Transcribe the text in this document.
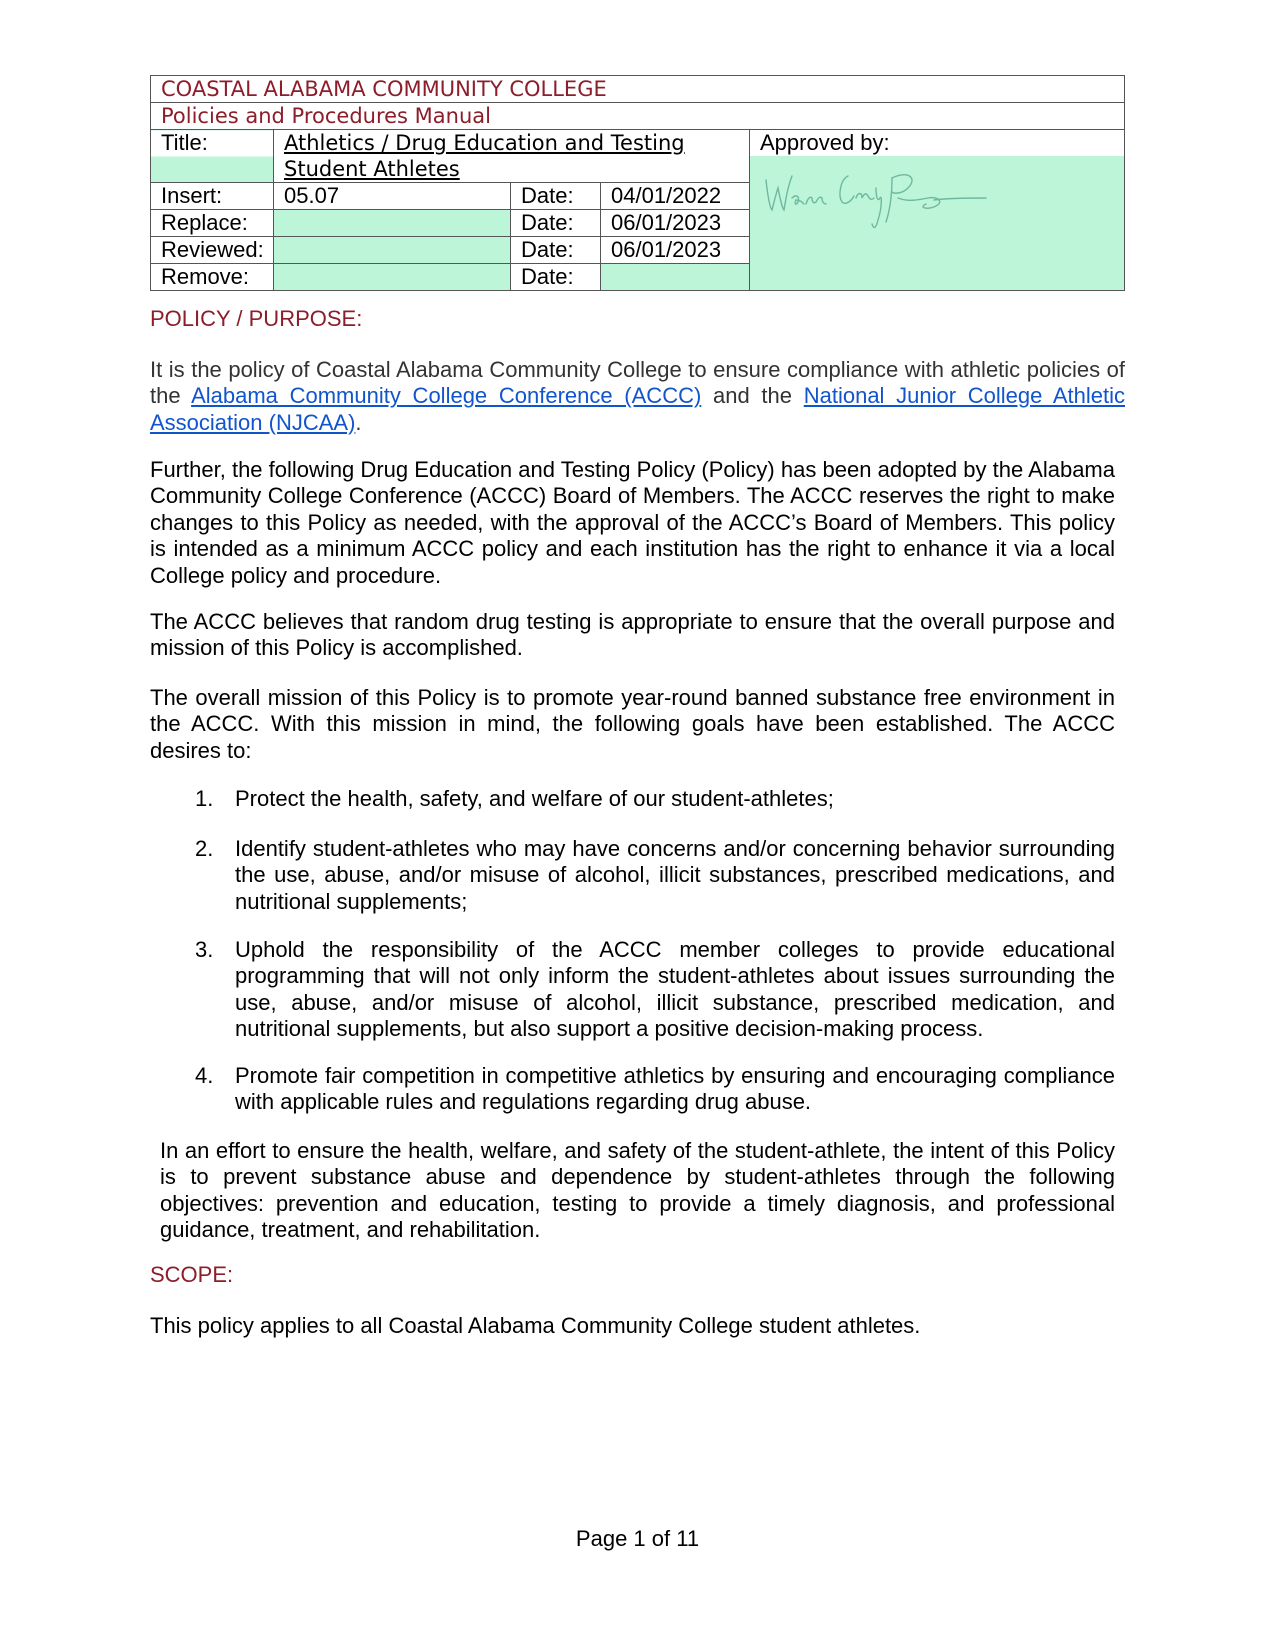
COASTAL ALABAMA COMMUNITY COLLEGE				
Policies and Procedures Manual				
Title:	Athletics / Drug Education and Testing Student Athletes			Approved by:

Insert:	05.07	Date:	04/01/2022	
Replace:		Date:	06/01/2023	
Reviewed:		Date:	06/01/2023	
Remove:		Date:		
POLICY / PURPOSE:

It is the policy of Coastal Alabama Community College to ensure compliance with athletic policies of the Alabama Community College Conference (ACCC) and the National Junior College Athletic Association (NJCAA).

Further, the following Drug Education and Testing Policy (Policy) has been adopted by the Alabama Community College Conference (ACCC) Board of Members. The ACCC reserves the right to make changes to this Policy as needed, with the approval of the ACCC’s Board of Members. This policy is intended as a minimum ACCC policy and each institution has the right to enhance it via a local College policy and procedure.

The ACCC believes that random drug testing is appropriate to ensure that the overall purpose and mission of this Policy is accomplished.

The overall mission of this Policy is to promote year-round banned substance free environment in the ACCC. With this mission in mind, the following goals have been established. The ACCC desires to:

1. Protect the health, safety, and welfare of our student-athletes;
2. Identify student-athletes who may have concerns and/or concerning behavior surrounding the use, abuse, and/or misuse of alcohol, illicit substances, prescribed medications, and nutritional supplements;
3. Uphold the responsibility of the ACCC member colleges to provide educational programming that will not only inform the student-athletes about issues surrounding the use, abuse, and/or misuse of alcohol, illicit substance, prescribed medication, and nutritional supplements, but also support a positive decision-making process.
4. Promote fair competition in competitive athletics by ensuring and encouraging compliance with applicable rules and regulations regarding drug abuse.

In an effort to ensure the health, welfare, and safety of the student-athlete, the intent of this Policy is to prevent substance abuse and dependence by student-athletes through the following objectives: prevention and education, testing to provide a timely diagnosis, and professional guidance, treatment, and rehabilitation.

SCOPE:

This policy applies to all Coastal Alabama Community College student athletes.

Page 1 of 11
